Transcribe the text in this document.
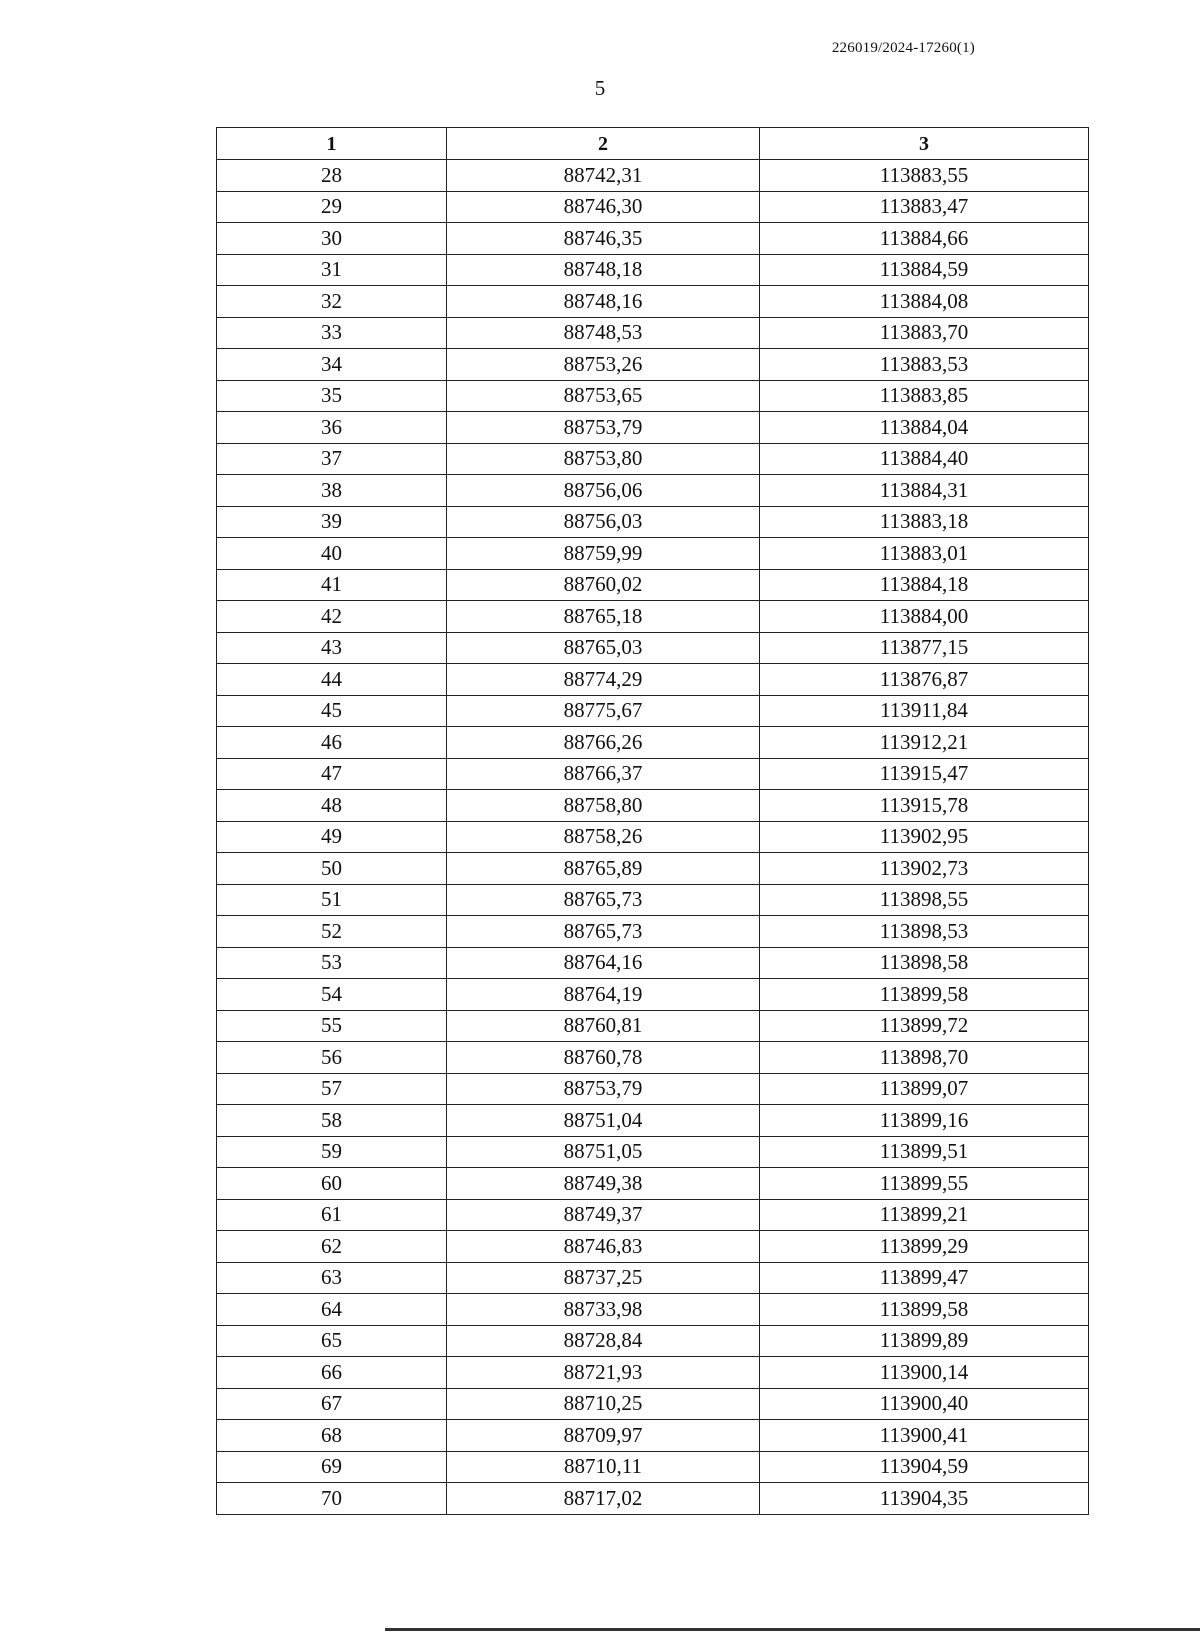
226019/2024-17260(1)
5
1	2	3
28	88742,31	113883,55
29	88746,30	113883,47
30	88746,35	113884,66
31	88748,18	113884,59
32	88748,16	113884,08
33	88748,53	113883,70
34	88753,26	113883,53
35	88753,65	113883,85
36	88753,79	113884,04
37	88753,80	113884,40
38	88756,06	113884,31
39	88756,03	113883,18
40	88759,99	113883,01
41	88760,02	113884,18
42	88765,18	113884,00
43	88765,03	113877,15
44	88774,29	113876,87
45	88775,67	113911,84
46	88766,26	113912,21
47	88766,37	113915,47
48	88758,80	113915,78
49	88758,26	113902,95
50	88765,89	113902,73
51	88765,73	113898,55
52	88765,73	113898,53
53	88764,16	113898,58
54	88764,19	113899,58
55	88760,81	113899,72
56	88760,78	113898,70
57	88753,79	113899,07
58	88751,04	113899,16
59	88751,05	113899,51
60	88749,38	113899,55
61	88749,37	113899,21
62	88746,83	113899,29
63	88737,25	113899,47
64	88733,98	113899,58
65	88728,84	113899,89
66	88721,93	113900,14
67	88710,25	113900,40
68	88709,97	113900,41
69	88710,11	113904,59
70	88717,02	113904,35
